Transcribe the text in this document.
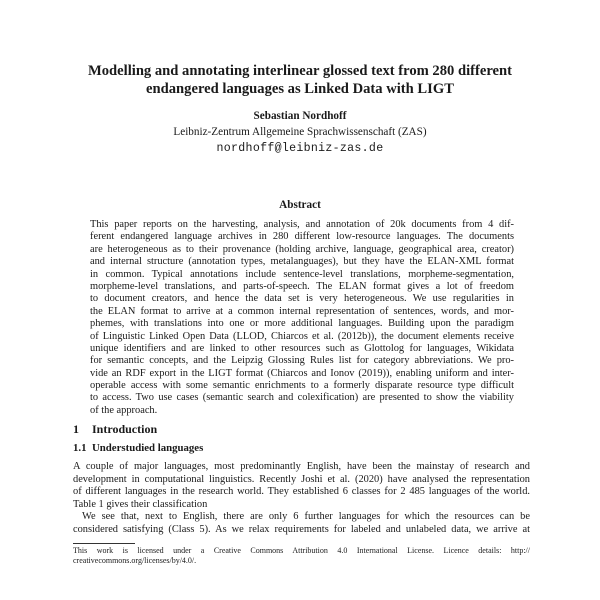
Modelling and annotating interlinear glossed text from 280 different
endangered languages as Linked Data with LIGT
Sebastian Nordhoff
Leibniz-Zentrum Allgemeine Sprachwissenschaft (ZAS)
nordhoff@leibniz-zas.de
Abstract
This paper reports on the harvesting, analysis, and annotation of 20k documents from 4 dif-
ferent endangered language archives in 280 different low-resource languages. The documents
are heterogeneous as to their provenance (holding archive, language, geographical area, creator)
and internal structure (annotation types, metalanguages), but they have the ELAN-XML format
in common. Typical annotations include sentence-level translations, morpheme-segmentation,
morpheme-level translations, and parts-of-speech. The ELAN format gives a lot of freedom
to document creators, and hence the data set is very heterogeneous. We use regularities in
the ELAN format to arrive at a common internal representation of sentences, words, and mor-
phemes, with translations into one or more additional languages. Building upon the paradigm
of Linguistic Linked Open Data (LLOD, Chiarcos et al. (2012b)), the document elements receive
unique identifiers and are linked to other resources such as Glottolog for languages, Wikidata
for semantic concepts, and the Leipzig Glossing Rules list for category abbreviations. We pro-
vide an RDF export in the LIGT format (Chiarcos and Ionov (2019)), enabling uniform and inter-
operable access with some semantic enrichments to a formerly disparate resource type difficult
to access. Two use cases (semantic search and colexification) are presented to show the viability
of the approach.
1 Introduction
1.1 Understudied languages
A couple of major languages, most predominantly English, have been the mainstay of research and
development in computational linguistics. Recently Joshi et al. (2020) have analysed the representation
of different languages in the research world. They established 6 classes for 2 485 languages of the world.
Table 1 gives their classification
We see that, next to English, there are only 6 further languages for which the resources can be
considered satisfying (Class 5). As we relax requirements for labeled and unlabeled data, we arrive at
This work is licensed under a Creative Commons Attribution 4.0 International License. Licence details: http://
creativecommons.org/licenses/by/4.0/.
